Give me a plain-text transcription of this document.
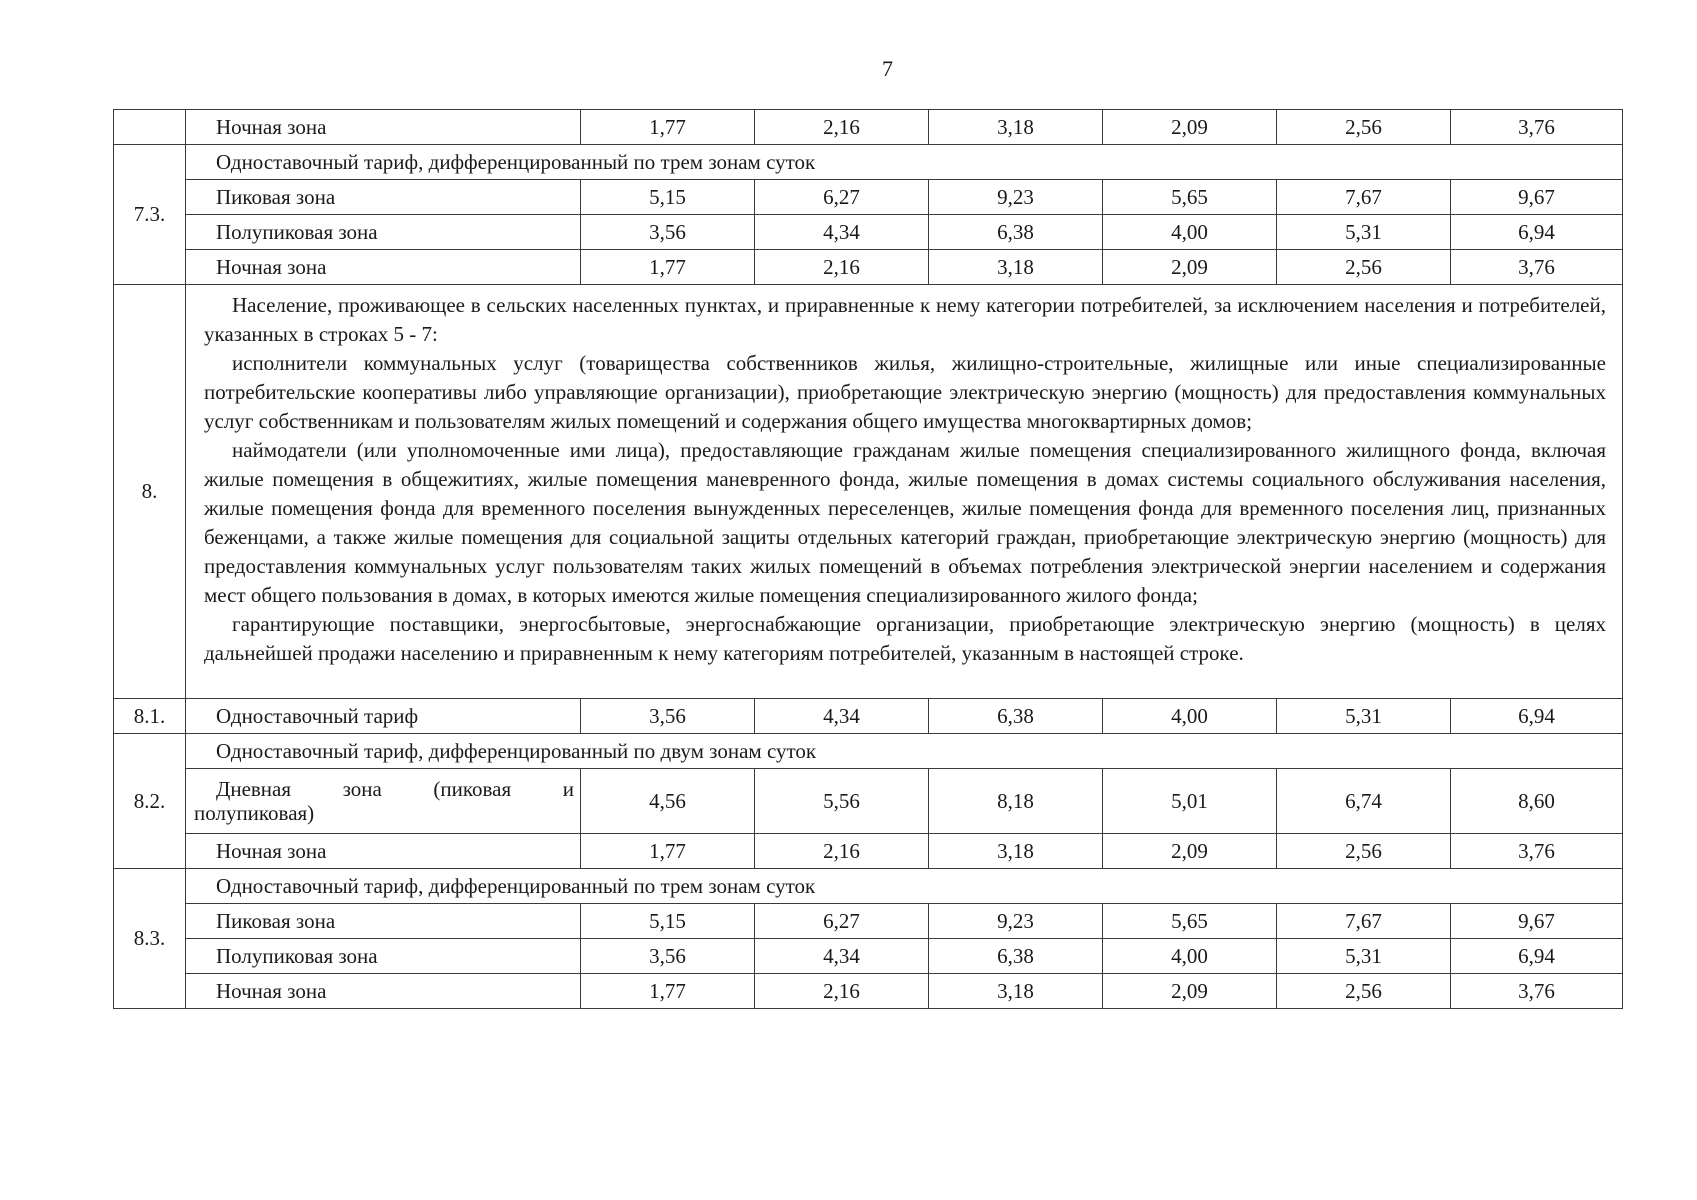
7
	Ночная зона	1,77	2,16	3,18	2,09	2,56	3,76
7.3.	Одноставочный тариф, дифференцированный по трем зонам суток						
	Пиковая зона	5,15	6,27	9,23	5,65	7,67	9,67
	Полупиковая зона	3,56	4,34	6,38	4,00	5,31	6,94
	Ночная зона	1,77	2,16	3,18	2,09	2,56	3,76
8.	Население, проживающее в сельских населенных пунктах, и приравненные к нему категории потребителей, за исключением населения и потребителей, указанных в строках 5 - 7:

исполнители коммунальных услуг (товарищества собственников жилья, жилищно-строительные, жилищные или иные специализированные потребительские кооперативы либо управляющие организации), приобретающие электрическую энергию (мощность) для предоставления коммунальных услуг собственникам и пользователям жилых помещений и содержания общего имущества многоквартирных домов;

наймодатели (или уполномоченные ими лица), предоставляющие гражданам жилые помещения специализированного жилищного фонда, включая жилые помещения в общежитиях, жилые помещения маневренного фонда, жилые помещения в домах системы социального обслуживания населения, жилые помещения фонда для временного поселения вынужденных переселенцев, жилые помещения фонда для временного поселения лиц, признанных беженцами, а также жилые помещения для социальной защиты отдельных категорий граждан, приобретающие электрическую энергию (мощность) для предоставления коммунальных услуг пользователям таких жилых помещений в объемах потребления электрической энергии населением и содержания мест общего пользования в домах, в которых имеются жилые помещения специализированного жилого фонда;

гарантирующие поставщики, энергосбытовые, энергоснабжающие организации, приобретающие электрическую энергию (мощность) в целях дальнейшей продажи населению и приравненным к нему категориям потребителей, указанным в настоящей строке.						

8.1.	Одноставочный тариф	3,56	4,34	6,38	4,00	5,31	6,94
8.2.	Одноставочный тариф, дифференцированный по двум зонам суток						

	Дневная зона (пиковая и
полупиковая)	4,56	5,56	8,18	5,01	6,74	8,60
	Ночная зона	1,77	2,16	3,18	2,09	2,56	3,76
8.3.	Одноставочный тариф, дифференцированный по трем зонам суток						
	Пиковая зона	5,15	6,27	9,23	5,65	7,67	9,67
	Полупиковая зона	3,56	4,34	6,38	4,00	5,31	6,94
	Ночная зона	1,77	2,16	3,18	2,09	2,56	3,76
